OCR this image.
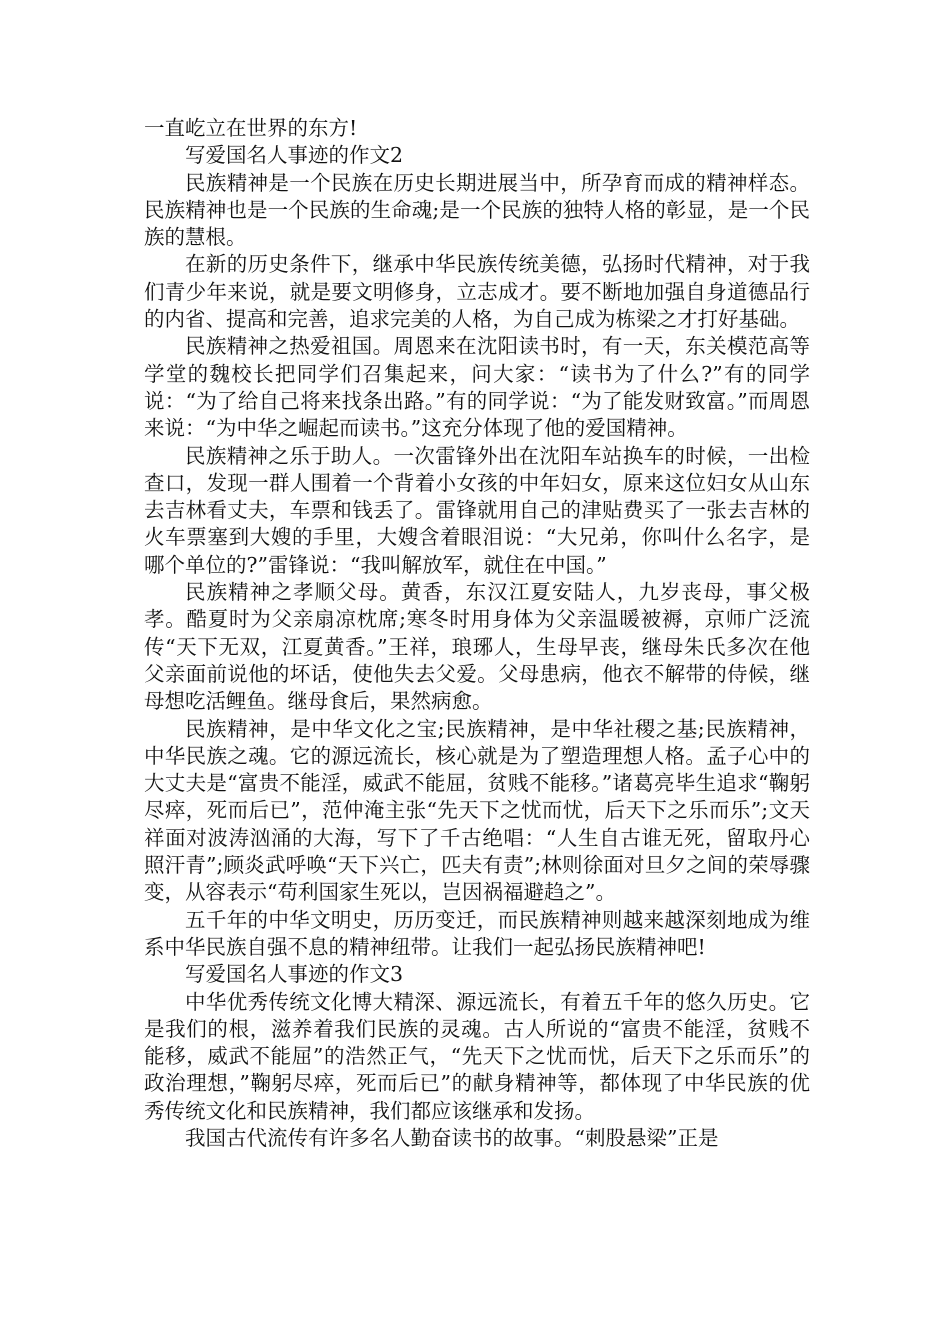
一直屹立在世界的东方!

写爱国名人事迹的作文2

民族精神是一个民族在历史长期进展当中，所孕育而成的精神样态。民族精神也是一个民族的生命魂;是一个民族的独特人格的彰显，是一个民族的慧根。

在新的历史条件下，继承中华民族传统美德，弘扬时代精神，对于我们青少年来说，就是要文明修身，立志成才。要不断地加强自身道德品行的内省、提高和完善，追求完美的人格，为自己成为栋梁之才打好基础。

民族精神之热爱祖国。周恩来在沈阳读书时，有一天，东关模范高等学堂的魏校长把同学们召集起来，问大家：“读书为了什么?”有的同学说：“为了给自己将来找条出路。”有的同学说：“为了能发财致富。”而周恩来说：“为中华之崛起而读书。”这充分体现了他的爱国精神。

民族精神之乐于助人。一次雷锋外出在沈阳车站换车的时候，一出检查口，发现一群人围着一个背着小女孩的中年妇女，原来这位妇女从山东去吉林看丈夫，车票和钱丢了。雷锋就用自己的津贴费买了一张去吉林的火车票塞到大嫂的手里，大嫂含着眼泪说：“大兄弟，你叫什么名字，是哪个单位的?”雷锋说：“我叫解放军，就住在中国。”

民族精神之孝顺父母。黄香，东汉江夏安陆人，九岁丧母，事父极孝。酷夏时为父亲扇凉枕席;寒冬时用身体为父亲温暖被褥，京师广泛流传“天下无双，江夏黄香。”王祥，琅琊人，生母早丧，继母朱氏多次在他父亲面前说他的坏话，使他失去父爱。父母患病，他衣不解带的侍候，继母想吃活鲤鱼。继母食后，果然病愈。

民族精神，是中华文化之宝;民族精神，是中华社稷之基;民族精神，中华民族之魂。它的源远流长，核心就是为了塑造理想人格。孟子心中的大丈夫是“富贵不能淫，威武不能屈，贫贱不能移。”诸葛亮毕生追求“鞠躬尽瘁，死而后已”，范仲淹主张“先天下之忧而忧，后天下之乐而乐”;文天祥面对波涛汹涌的大海，写下了千古绝唱：“人生自古谁无死，留取丹心照汗青”;顾炎武呼唤“天下兴亡，匹夫有责”;林则徐面对旦夕之间的荣辱骤变，从容表示“苟利国家生死以，岂因祸福避趋之”。

五千年的中华文明史，历历变迁，而民族精神则越来越深刻地成为维系中华民族自强不息的精神纽带。让我们一起弘扬民族精神吧!

写爱国名人事迹的作文3

中华优秀传统文化博大精深、源远流长，有着五千年的悠久历史。它是我们的根，滋养着我们民族的灵魂。古人所说的“富贵不能淫，贫贱不能移，威武不能屈”的浩然正气，“先天下之忧而忧，后天下之乐而乐”的政治理想，”鞠躬尽瘁，死而后已”的献身精神等，都体现了中华民族的优秀传统文化和民族精神，我们都应该继承和发扬。

我国古代流传有许多名人勤奋读书的故事。“刺股悬梁”正是
